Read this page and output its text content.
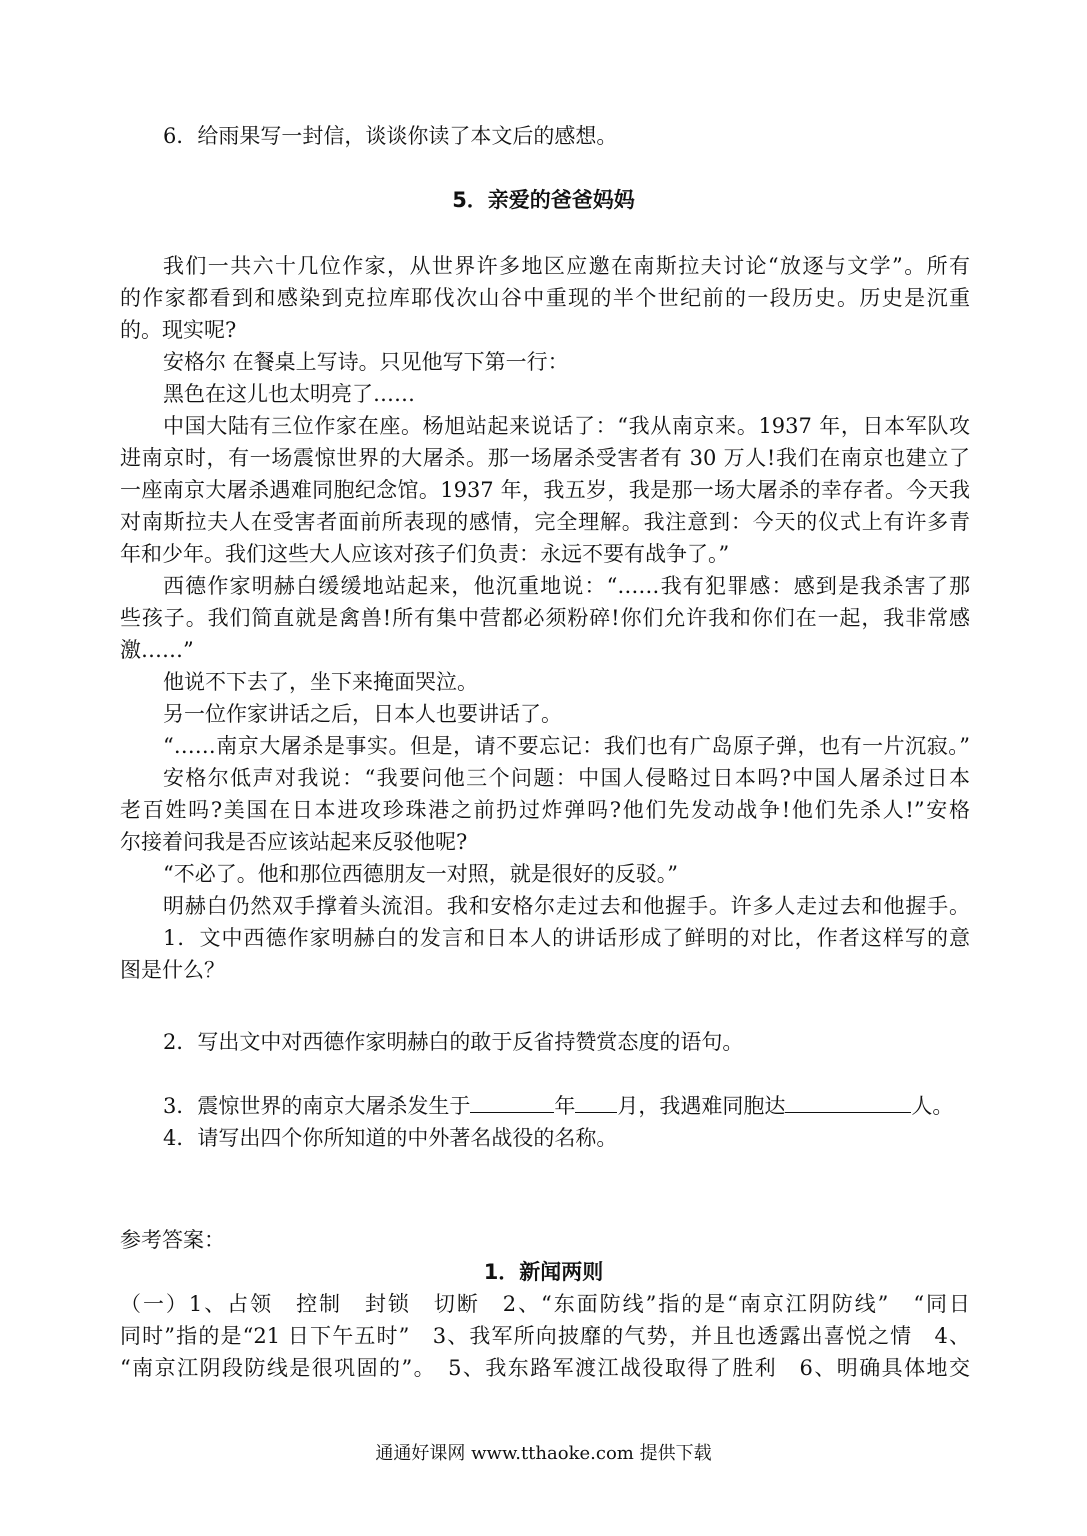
6．给雨果写一封信，谈谈你读了本文后的感想。
5．亲爱的爸爸妈妈
我们一共六十几位作家，从世界许多地区应邀在南斯拉夫讨论“放逐与文学”。所有
的作家都看到和感染到克拉库耶伐次山谷中重现的半个世纪前的一段历史。历史是沉重
的。现实呢?
安格尔 在餐桌上写诗。只见他写下第一行：
黑色在这儿也太明亮了……
中国大陆有三位作家在座。杨旭站起来说话了：“我从南京来。1937 年，日本军队攻
进南京时，有一场震惊世界的大屠杀。那一场屠杀受害者有 30 万人!我们在南京也建立了
一座南京大屠杀遇难同胞纪念馆。1937 年，我五岁，我是那一场大屠杀的幸存者。今天我
对南斯拉夫人在受害者面前所表现的感情，完全理解。我注意到：今天的仪式上有许多青
年和少年。我们这些大人应该对孩子们负责：永远不要有战争了。”
西德作家明赫白缓缓地站起来，他沉重地说：“……我有犯罪感：感到是我杀害了那
些孩子。我们简直就是禽兽!所有集中营都必须粉碎!你们允许我和你们在一起，我非常感
激……”
他说不下去了，坐下来掩面哭泣。
另一位作家讲话之后，日本人也要讲话了。
“……南京大屠杀是事实。但是，请不要忘记：我们也有广岛原子弹，也有一片沉寂。”
安格尔低声对我说：“我要问他三个问题：中国人侵略过日本吗?中国人屠杀过日本
老百姓吗?美国在日本进攻珍珠港之前扔过炸弹吗?他们先发动战争!他们先杀人!”安格
尔接着问我是否应该站起来反驳他呢?
“不必了。他和那位西德朋友一对照，就是很好的反驳。”
明赫白仍然双手撑着头流泪。我和安格尔走过去和他握手。许多人走过去和他握手。
1．文中西德作家明赫白的发言和日本人的讲话形成了鲜明的对比，作者这样写的意
图是什么？
2．写出文中对西德作家明赫白的敢于反省持赞赏态度的语句。
3．震惊世界的南京大屠杀发生于	年 月，我遇难同胞达	人。
4．请写出四个你所知道的中外著名战役的名称。
参考答案：
1．新闻两则
（一）1、占领　控制　封锁　切断　2、“东面防线”指的是“南京江阴防线”　“同日
同时”指的是“21 日下午五时”　3、我军所向披靡的气势，并且也透露出喜悦之情　4、
“南京江阴段防线是很巩固的”。　5、我东路军渡江战役取得了胜利　6、明确具体地交
通通好课网 www.tthaoke.com 提供下载
